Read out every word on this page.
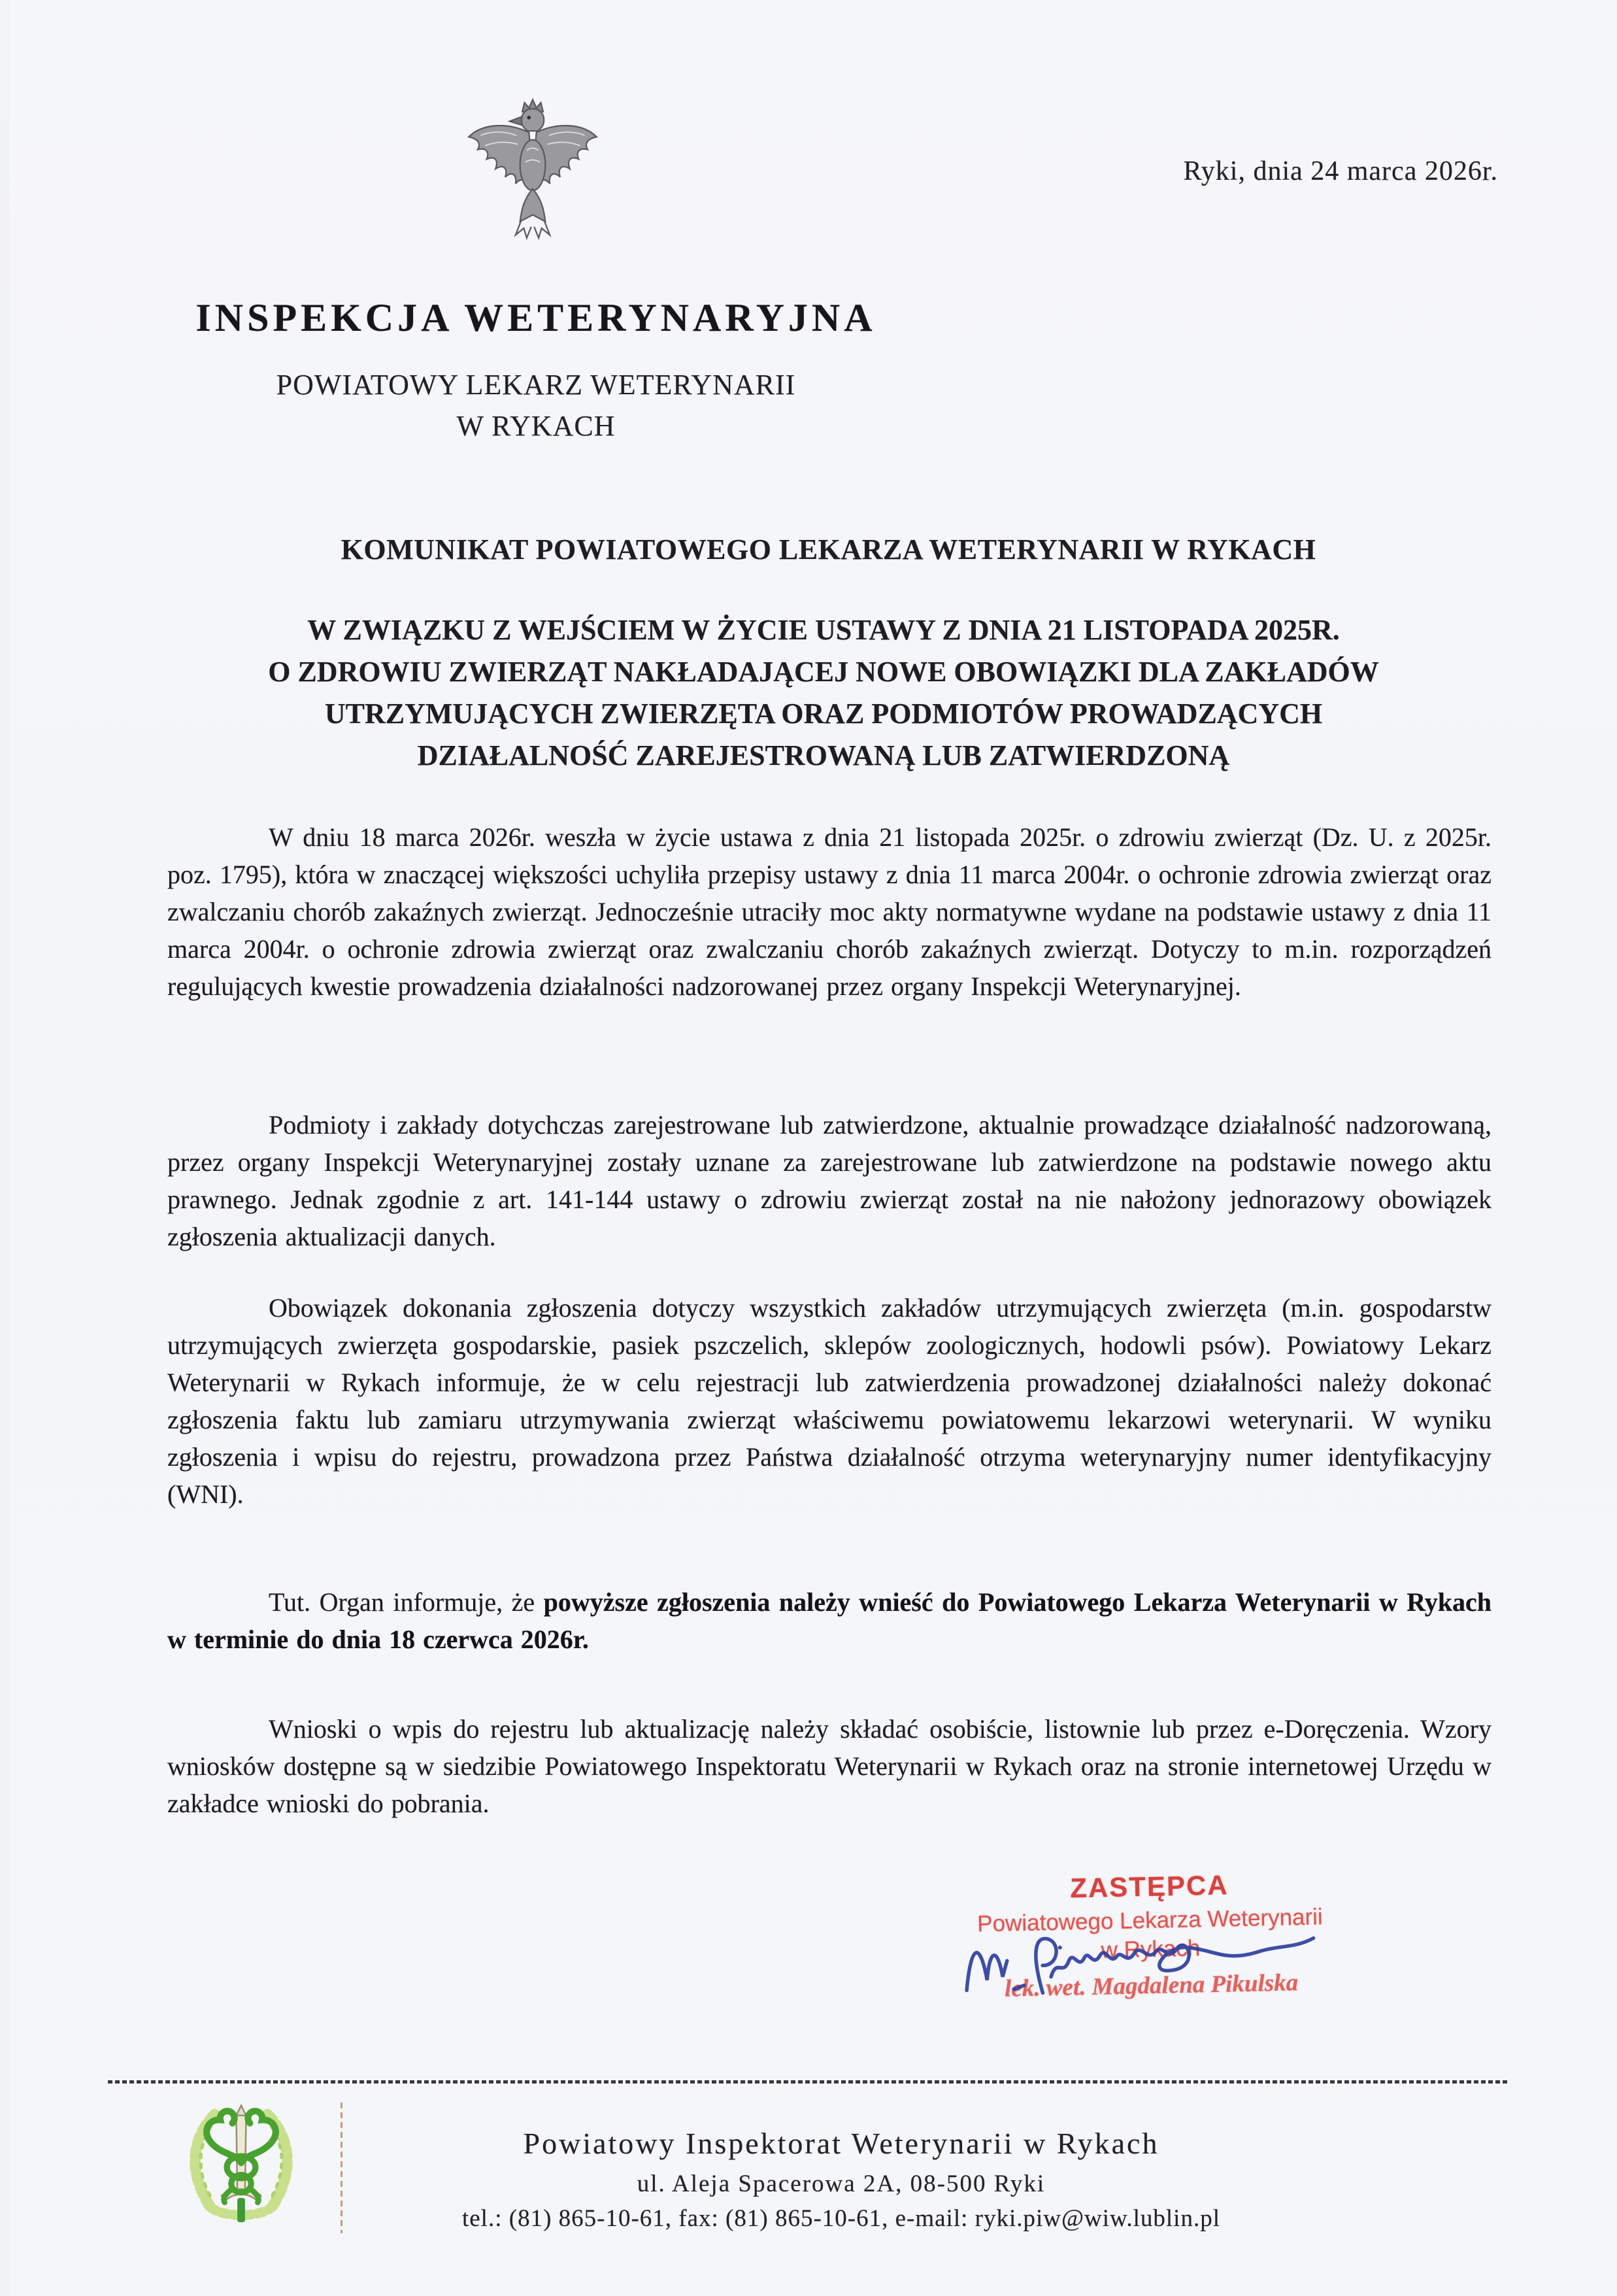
Ryki, dnia 24 marca 2026r.
INSPEKCJA WETERYNARYJNA
POWIATOWY LEKARZ WETERYNARII
W RYKACH
KOMUNIKAT POWIATOWEGO LEKARZA WETERYNARII W RYKACH
W ZWIĄZKU Z WEJŚCIEM W ŻYCIE USTAWY Z DNIA 21 LISTOPADA 2025R.
O ZDROWIU ZWIERZĄT NAKŁADAJĄCEJ NOWE OBOWIĄZKI DLA ZAKŁADÓW
UTRZYMUJĄCYCH ZWIERZĘTA ORAZ PODMIOTÓW PROWADZĄCYCH
DZIAŁALNOŚĆ ZAREJESTROWANĄ LUB ZATWIERDZONĄ
W dniu 18 marca 2026r. weszła w życie ustawa z dnia 21 listopada 2025r. o zdrowiu zwierząt (Dz. U. z 2025r. poz. 1795), która w znaczącej większości uchyliła przepisy ustawy z dnia 11 marca 2004r. o ochronie zdrowia zwierząt oraz zwalczaniu chorób zakaźnych zwierząt. Jednocześnie utraciły moc akty normatywne wydane na podstawie ustawy z dnia 11 marca 2004r. o ochronie zdrowia zwierząt oraz zwalczaniu chorób zakaźnych zwierząt. Dotyczy to m.in. rozporządzeń regulujących kwestie prowadzenia działalności nadzorowanej przez organy Inspekcji Weterynaryjnej.
Podmioty i zakłady dotychczas zarejestrowane lub zatwierdzone, aktualnie prowadzące działalność nadzorowaną, przez organy Inspekcji Weterynaryjnej zostały uznane za zarejestrowane lub zatwierdzone na podstawie nowego aktu prawnego. Jednak zgodnie z art. 141-144 ustawy o zdrowiu zwierząt został na nie nałożony jednorazowy obowiązek zgłoszenia aktualizacji danych.
Obowiązek dokonania zgłoszenia dotyczy wszystkich zakładów utrzymujących zwierzęta (m.in. gospodarstw utrzymujących zwierzęta gospodarskie, pasiek pszczelich, sklepów zoologicznych, hodowli psów). Powiatowy Lekarz Weterynarii w Rykach informuje, że w celu rejestracji lub zatwierdzenia prowadzonej działalności należy dokonać zgłoszenia faktu lub zamiaru utrzymywania zwierząt właściwemu powiatowemu lekarzowi weterynarii. W wyniku zgłoszenia i wpisu do rejestru, prowadzona przez Państwa działalność otrzyma weterynaryjny numer identyfikacyjny (WNI).
Tut. Organ informuje, że powyższe zgłoszenia należy wnieść do Powiatowego Lekarza Weterynarii w Rykach w terminie do dnia 18 czerwca 2026r.
Wnioski o wpis do rejestru lub aktualizację należy składać osobiście, listownie lub przez e-Doręczenia. Wzory wniosków dostępne są w siedzibie Powiatowego Inspektoratu Weterynarii w Rykach oraz na stronie internetowej Urzędu w zakładce wnioski do pobrania.
ZASTĘPCA
Powiatowego Lekarza Weterynarii
w Rykach
lek. wet. Magdalena Pikulska
Powiatowy Inspektorat Weterynarii w Rykach
ul. Aleja Spacerowa 2A, 08-500 Ryki
tel.: (81) 865-10-61, fax: (81) 865-10-61, e-mail: ryki.piw@wiw.lublin.pl
